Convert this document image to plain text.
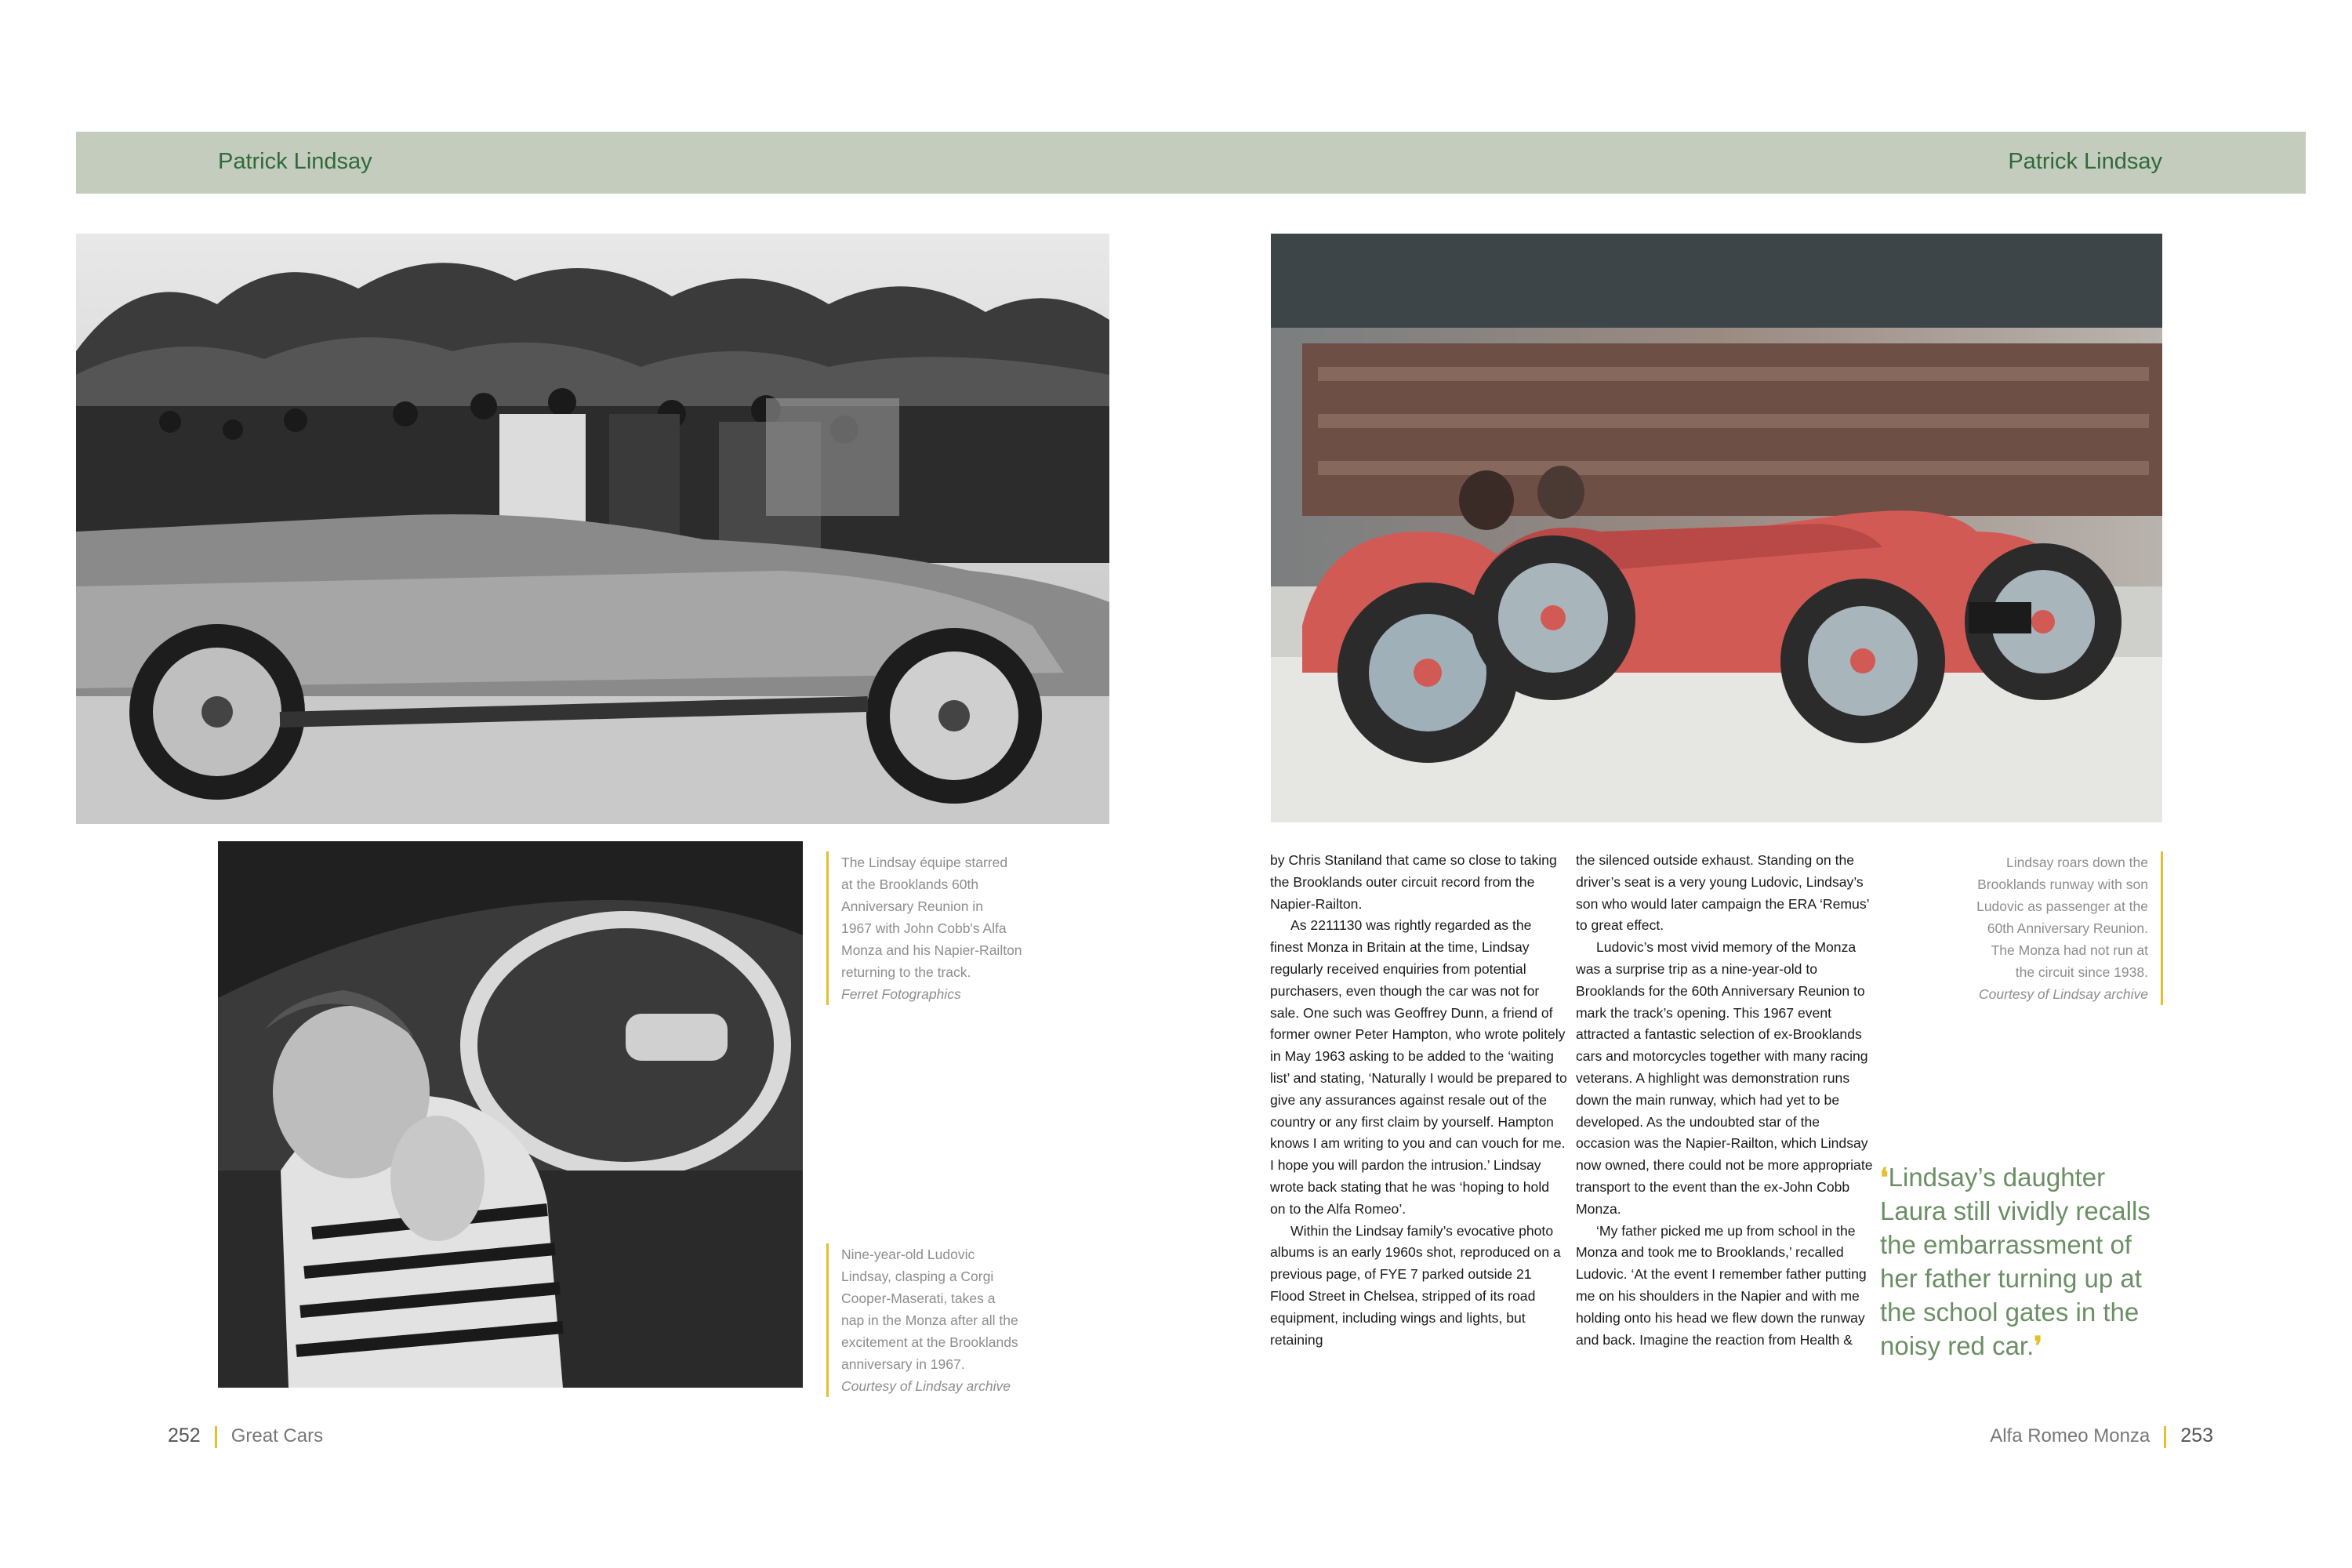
Patrick Lindsay	Patrick Lindsay
The Lindsay équipe starred
at the Brooklands 60th
Anniversary Reunion in
1967 with John Cobb's Alfa
Monza and his Napier-Railton
returning to the track.
Ferret Fotographics
Nine-year-old Ludovic
Lindsay, clasping a Corgi
Cooper-Maserati, takes a
nap in the Monza after all the
excitement at the Brooklands
anniversary in 1967.
Courtesy of Lindsay archive
Lindsay roars down the
Brooklands runway with son
Ludovic as passenger at the
60th Anniversary Reunion.
The Monza had not run at
the circuit since 1938.
Courtesy of Lindsay archive

by Chris Staniland that came so close to taking the Brooklands outer circuit record from the Napier-Railton.

As 2211130 was rightly regarded as the finest Monza in Britain at the time, Lindsay regularly received enquiries from potential purchasers, even though the car was not for sale. One such was Geoffrey Dunn, a friend of former owner Peter Hampton, who wrote politely in May 1963 asking to be added to the ‘waiting list’ and stating, ‘Naturally I would be prepared to give any assurances against resale out of the country or any first claim by yourself. Hampton knows I am writing to you and can vouch for me. I hope you will pardon the intrusion.’ Lindsay wrote back stating that he was ‘hoping to hold on to the Alfa Romeo’.

Within the Lindsay family’s evocative photo albums is an early 1960s shot, reproduced on a previous page, of FYE 7 parked outside 21 Flood Street in Chelsea, stripped of its road equipment, including wings and lights, but retaining

the silenced outside exhaust. Standing on the driver’s seat is a very young Ludovic, Lindsay’s son who would later campaign the ERA ‘Remus’ to great effect.

Ludovic’s most vivid memory of the Monza was a surprise trip as a nine-year-old to Brooklands for the 60th Anniversary Reunion to mark the track’s opening. This 1967 event attracted a fantastic selection of ex-Brooklands cars and motorcycles together with many racing veterans. A highlight was demonstration runs down the main runway, which had yet to be developed. As the undoubted star of the occasion was the Napier-Railton, which Lindsay now owned, there could not be more appropriate transport to the event than the ex-John Cobb Monza.

‘My father picked me up from school in the Monza and took me to Brooklands,’ recalled Ludovic. ‘At the event I remember father putting me on his shoulders in the Napier and with me holding onto his head we flew down the runway and back. Imagine the reaction from Health &

❛Lindsay’s daughter Laura still vividly recalls the embarrassment of her father turning up at the school gates in the noisy red car.❜
252 Great Cars	Alfa Romeo Monza 253
